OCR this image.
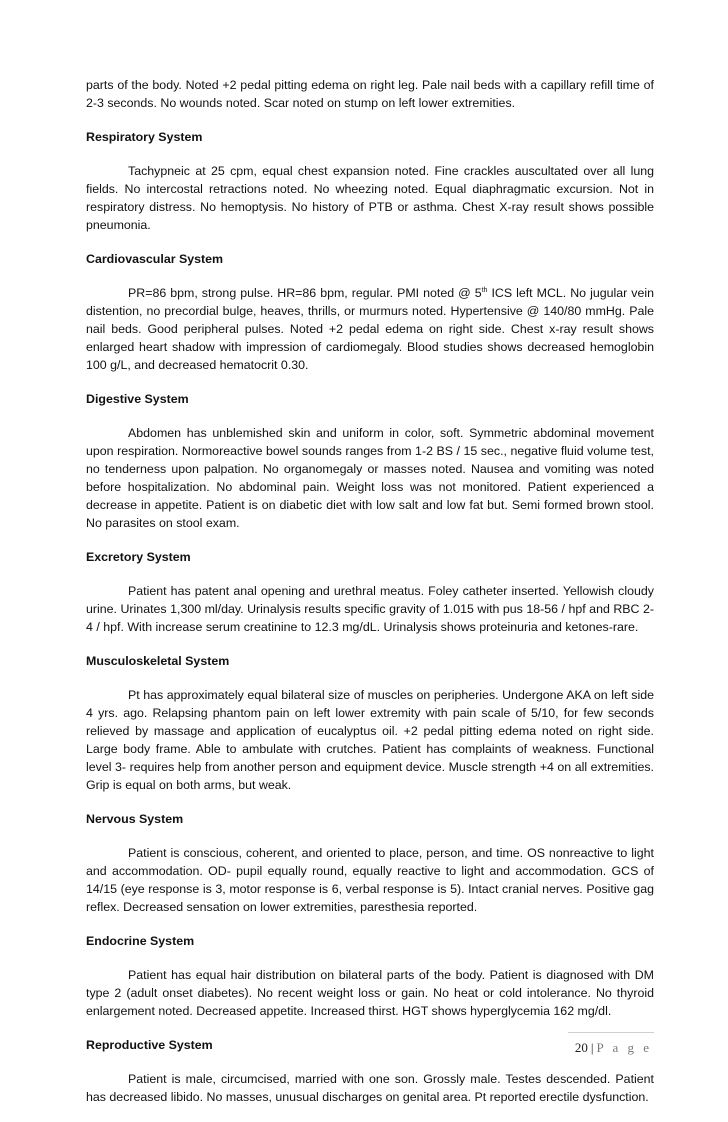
parts of the body. Noted +2 pedal pitting edema on right leg. Pale nail beds with a capillary refill time of 2-3 seconds. No wounds noted. Scar noted on stump on left lower extremities.

Respiratory System

Tachypneic at 25 cpm, equal chest expansion noted. Fine crackles auscultated over all lung fields. No intercostal retractions noted. No wheezing noted. Equal diaphragmatic excursion. Not in respiratory distress. No hemoptysis. No history of PTB or asthma. Chest X-ray result shows possible pneumonia.

Cardiovascular System

PR=86 bpm, strong pulse. HR=86 bpm, regular. PMI noted @ 5th ICS left MCL. No jugular vein distention, no precordial bulge, heaves, thrills, or murmurs noted. Hypertensive @ 140/80 mmHg. Pale nail beds. Good peripheral pulses. Noted +2 pedal edema on right side. Chest x-ray result shows enlarged heart shadow with impression of cardiomegaly. Blood studies shows decreased hemoglobin 100 g/L, and decreased hematocrit 0.30.

Digestive System

Abdomen has unblemished skin and uniform in color, soft. Symmetric abdominal movement upon respiration. Normoreactive bowel sounds ranges from 1-2 BS / 15 sec., negative fluid volume test, no tenderness upon palpation. No organomegaly or masses noted. Nausea and vomiting was noted before hospitalization. No abdominal pain. Weight loss was not monitored. Patient experienced a decrease in appetite. Patient is on diabetic diet with low salt and low fat but. Semi formed brown stool. No parasites on stool exam.

Excretory System

Patient has patent anal opening and urethral meatus. Foley catheter inserted. Yellowish cloudy urine. Urinates 1,300 ml/day. Urinalysis results specific gravity of 1.015 with pus 18-56 / hpf and RBC 2-4 / hpf. With increase serum creatinine to 12.3 mg/dL. Urinalysis shows proteinuria and ketones-rare.

Musculoskeletal System

Pt has approximately equal bilateral size of muscles on peripheries. Undergone AKA on left side 4 yrs. ago. Relapsing phantom pain on left lower extremity with pain scale of 5/10, for few seconds relieved by massage and application of eucalyptus oil. +2 pedal pitting edema noted on right side. Large body frame. Able to ambulate with crutches. Patient has complaints of weakness. Functional level 3- requires help from another person and equipment device. Muscle strength +4 on all extremities. Grip is equal on both arms, but weak.

Nervous System

Patient is conscious, coherent, and oriented to place, person, and time. OS nonreactive to light and accommodation. OD- pupil equally round, equally reactive to light and accommodation. GCS of 14/15 (eye response is 3, motor response is 6, verbal response is 5). Intact cranial nerves. Positive gag reflex. Decreased sensation on lower extremities, paresthesia reported.

Endocrine System

Patient has equal hair distribution on bilateral parts of the body. Patient is diagnosed with DM type 2 (adult onset diabetes). No recent weight loss or gain. No heat or cold intolerance. No thyroid enlargement noted. Decreased appetite. Increased thirst. HGT shows hyperglycemia 162 mg/dl.

Reproductive System

Patient is male, circumcised, married with one son. Grossly male. Testes descended. Patient has decreased libido. No masses, unusual discharges on genital area. Pt reported erectile dysfunction.

20 | P a g e
